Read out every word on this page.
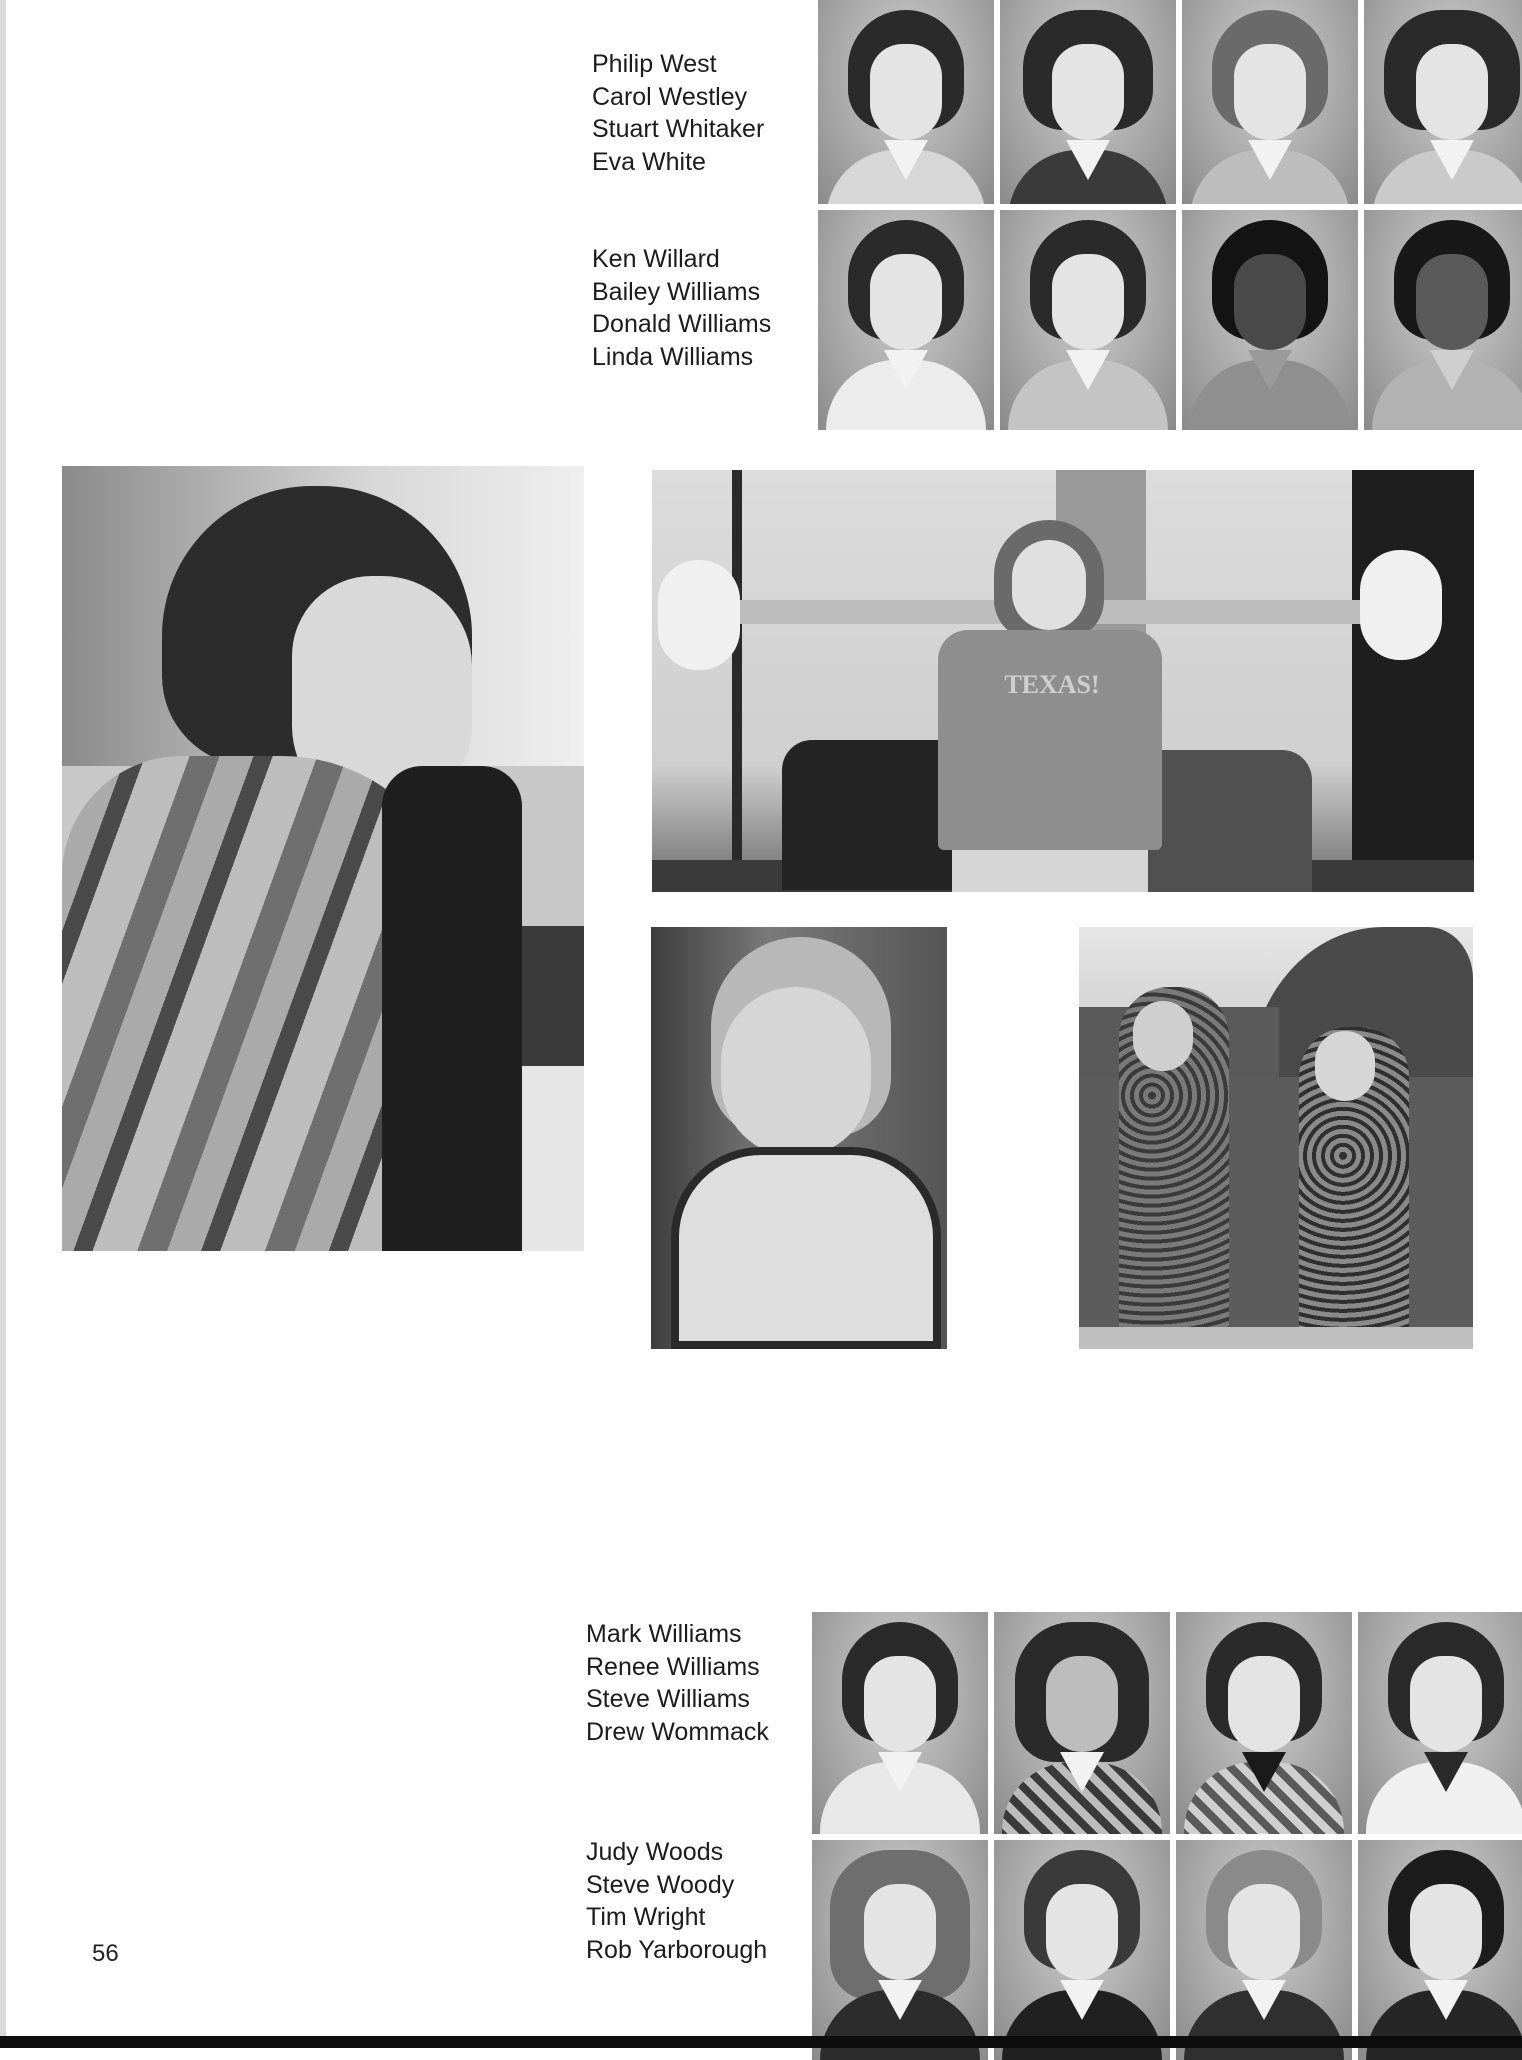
Philip West
Carol Westley
Stuart Whitaker
Eva White
Ken Willard
Bailey Williams
Donald Williams
Linda Williams
TEXAS!
Mark Williams
Renee Williams
Steve Williams
Drew Wommack
Judy Woods
Steve Woody
Tim Wright
Rob Yarborough
56
